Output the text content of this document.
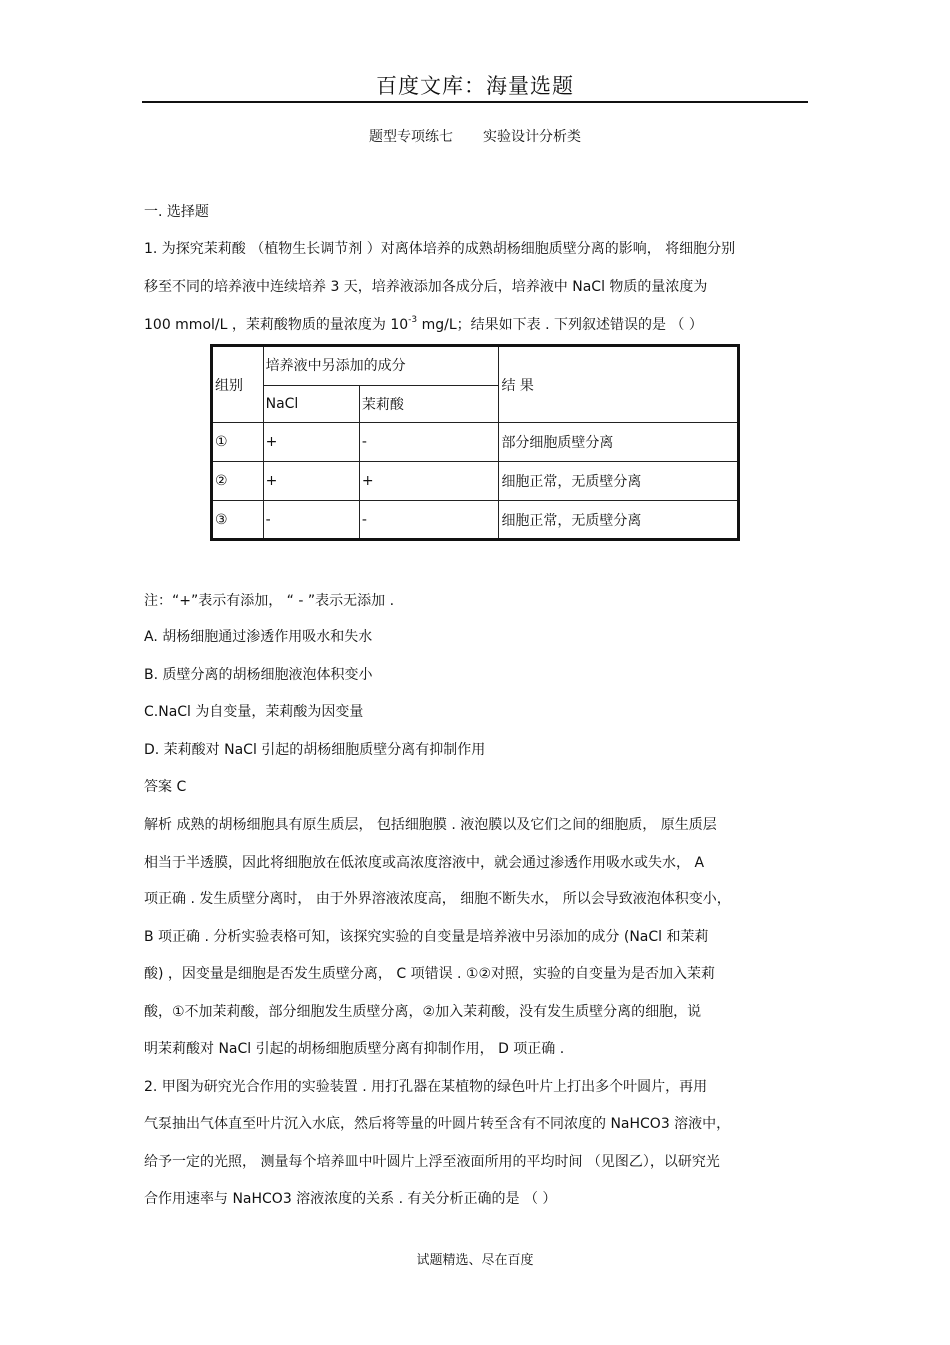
百度文库：海量选题
题型专项练七 实验设计分析类
一. 选择题
1. 为探究茉莉酸 （植物生长调节剂 ）对离体培养的成熟胡杨细胞质壁分离的影响， 将细胞分别
移至不同的培养液中连续培养 3 天，培养液添加各成分后，培养液中 NaCl 物质的量浓度为
100 mmol/L ，茉莉酸物质的量浓度为 $10^{-3}$ mg/L；结果如下表 . 下列叙述错误的是 （ ）
组别	培养液中另添加的成分		结 果
	NaCl	茉莉酸	
①	+	-	部分细胞质壁分离
②	+	+	细胞正常，无质壁分离
③	-	-	细胞正常，无质壁分离
注：“+”表示有添加， “ - ”表示无添加 .
A. 胡杨细胞通过渗透作用吸水和失水
B. 质壁分离的胡杨细胞液泡体积变小
C.NaCl 为自变量，茉莉酸为因变量
D. 茉莉酸对 NaCl 引起的胡杨细胞质壁分离有抑制作用
答案 C
解析 成熟的胡杨细胞具有原生质层， 包括细胞膜 . 液泡膜以及它们之间的细胞质， 原生质层
相当于半透膜，因此将细胞放在低浓度或高浓度溶液中，就会通过渗透作用吸水或失水， A
项正确 . 发生质壁分离时， 由于外界溶液浓度高， 细胞不断失水， 所以会导致液泡体积变小，
B 项正确 . 分析实验表格可知，该探究实验的自变量是培养液中另添加的成分 (NaCl 和茉莉
酸) ，因变量是细胞是否发生质壁分离， C 项错误 . ①②对照，实验的自变量为是否加入茉莉
酸，①不加茉莉酸，部分细胞发生质壁分离，②加入茉莉酸，没有发生质壁分离的细胞，说
明茉莉酸对 NaCl 引起的胡杨细胞质壁分离有抑制作用， D 项正确 .
2. 甲图为研究光合作用的实验装置 . 用打孔器在某植物的绿色叶片上打出多个叶圆片，再用
气泵抽出气体直至叶片沉入水底，然后将等量的叶圆片转至含有不同浓度的 NaHCO3 溶液中，
给予一定的光照， 测量每个培养皿中叶圆片上浮至液面所用的平均时间 （见图乙），以研究光
合作用速率与 NaHCO3 溶液浓度的关系 . 有关分析正确的是 （ ）
试题精选、尽在百度
